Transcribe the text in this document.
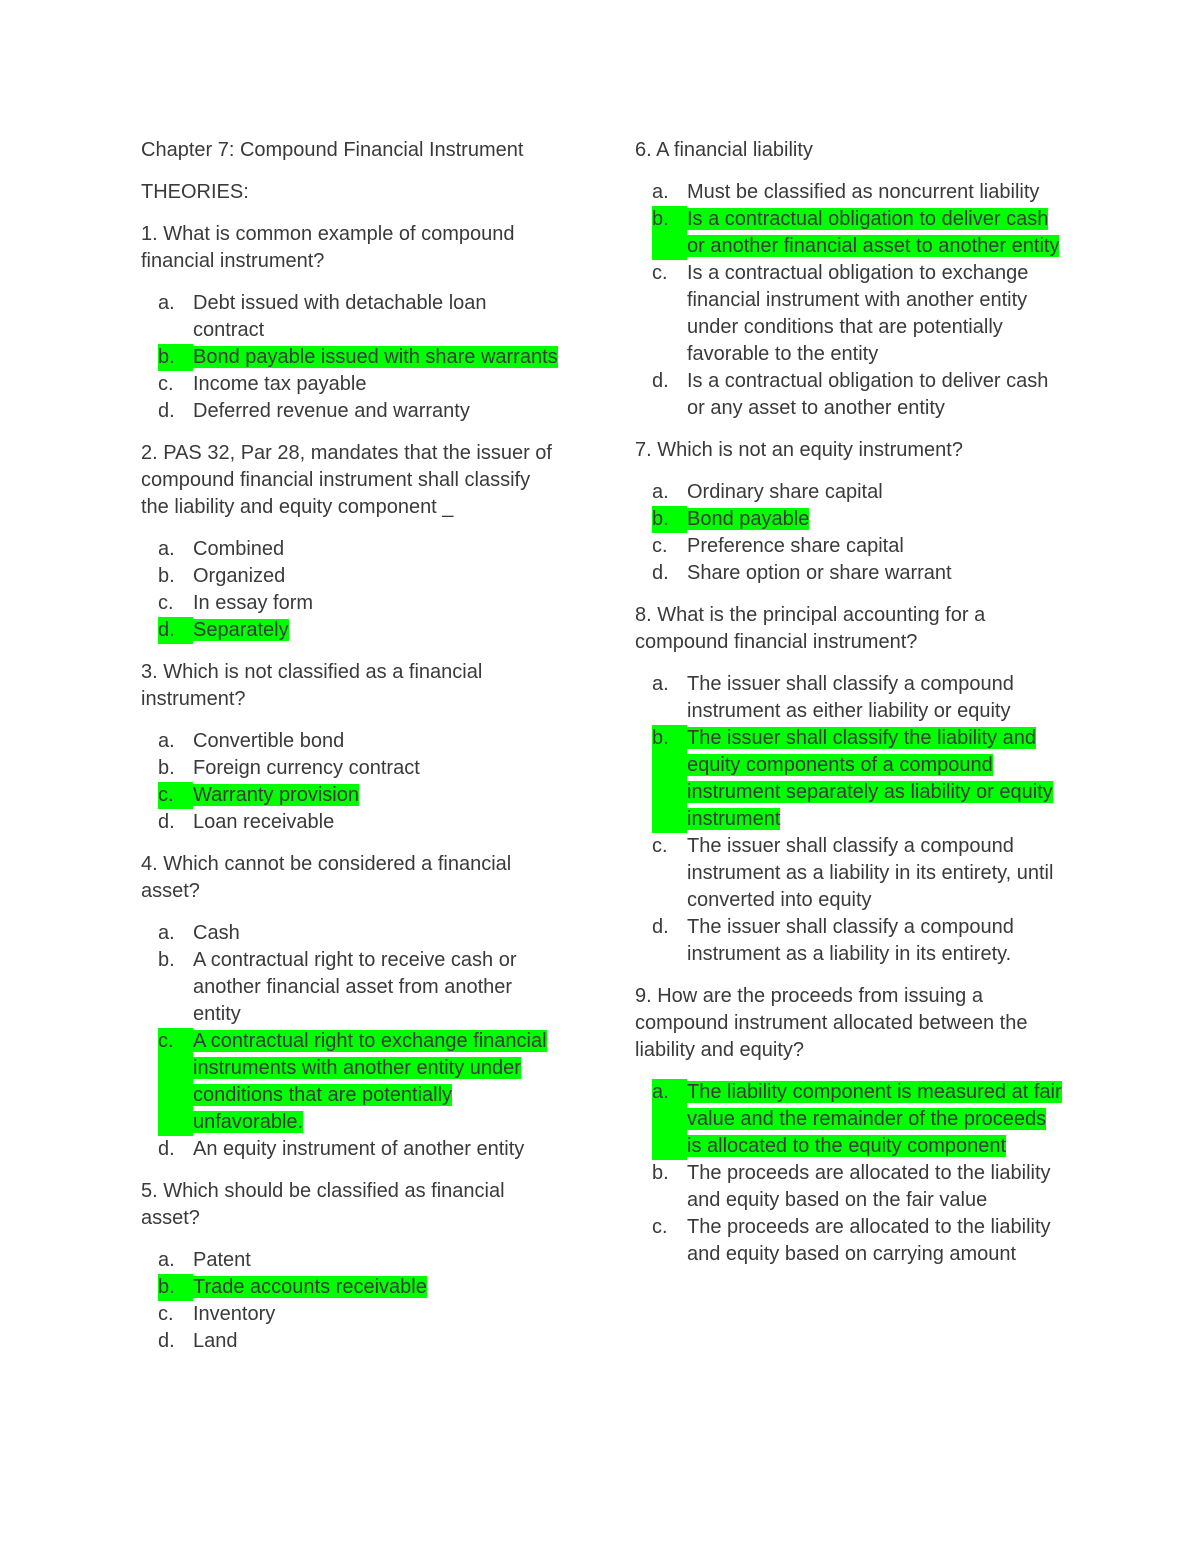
Chapter 7: Compound Financial Instrument

THEORIES:

1. What is common example of compound financial instrument?

a. Debt issued with detachable loan contract
b. Bond payable issued with share warrants
c. Income tax payable
d. Deferred revenue and warranty

2. PAS 32, Par 28, mandates that the issuer of compound financial instrument shall classify the liability and equity component _

a. Combined
b. Organized
c. In essay form
d. Separately

3. Which is not classified as a financial instrument?

a. Convertible bond
b. Foreign currency contract
c. Warranty provision
d. Loan receivable

4. Which cannot be considered a financial asset?

a. Cash
b. A contractual right to receive cash or another financial asset from another entity
c. A contractual right to exchange financial instruments with another entity under conditions that are potentially unfavorable.
d. An equity instrument of another entity

5. Which should be classified as financial asset?

a. Patent
b. Trade accounts receivable
c. Inventory
d. Land

6. A financial liability

a. Must be classified as noncurrent liability
b. Is a contractual obligation to deliver cash or another financial asset to another entity
c. Is a contractual obligation to exchange financial instrument with another entity under conditions that are potentially favorable to the entity
d. Is a contractual obligation to deliver cash or any asset to another entity

7. Which is not an equity instrument?

a. Ordinary share capital
b. Bond payable
c. Preference share capital
d. Share option or share warrant

8. What is the principal accounting for a compound financial instrument?

a. The issuer shall classify a compound instrument as either liability or equity
b. The issuer shall classify the liability and equity components of a compound instrument separately as liability or equity instrument
c. The issuer shall classify a compound instrument as a liability in its entirety, until converted into equity
d. The issuer shall classify a compound instrument as a liability in its entirety.

9. How are the proceeds from issuing a compound instrument allocated between the liability and equity?

a. The liability component is measured at fair value and the remainder of the proceeds is allocated to the equity component
b. The proceeds are allocated to the liability and equity based on the fair value
c. The proceeds are allocated to the liability and equity based on carrying amount
